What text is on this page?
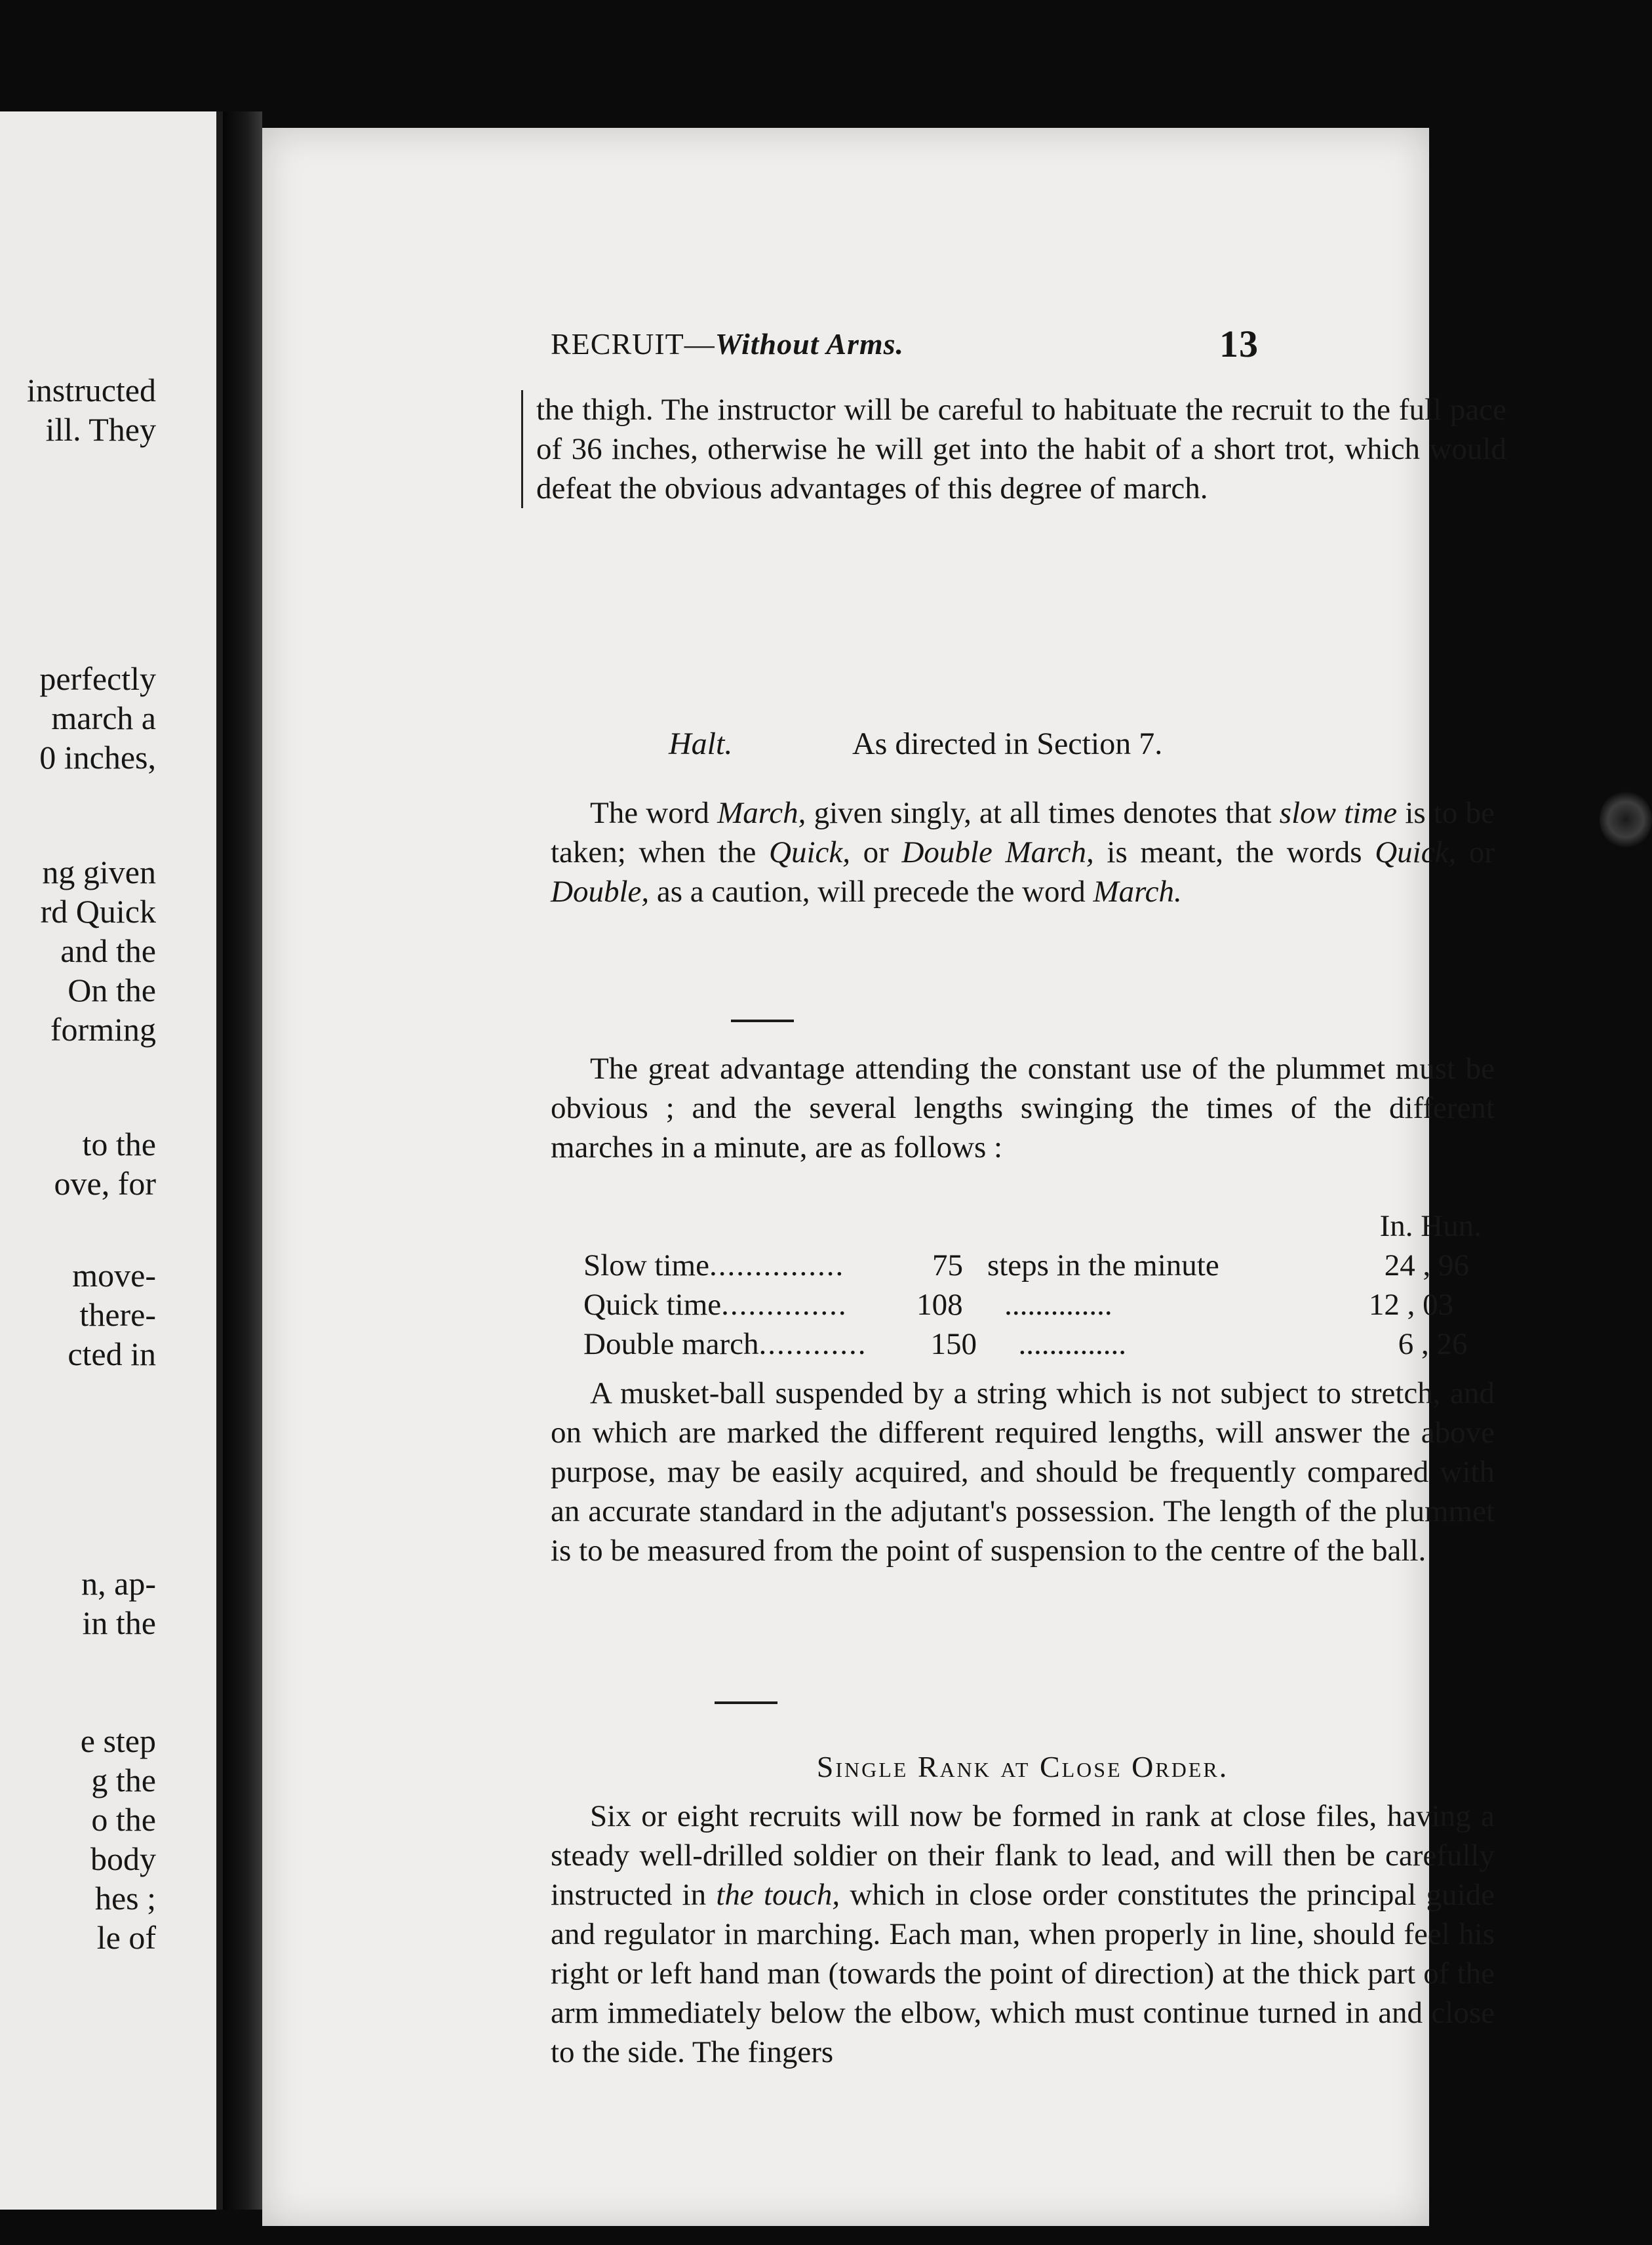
instructed
ill. They
perfectly
march a
0 inches,
ng given
rd Quick
and the
On the
forming
to the
ove, for
move-
there-
cted in
n, ap-
in the
e step
g the
o the
body
hes ;
le of
RECRUIT—Without Arms.	13

the thigh. The instructor will be careful to habituate the recruit to the full pace of 36 inches, otherwise he will get into the habit of a short trot, which would defeat the obvious advantages of this degree of march.

Halt.	As directed in Section 7.

The word March, given singly, at all times denotes that slow time is to be taken; when the Quick, or Double March, is meant, the words Quick, or Double, as a caution, will precede the word March.

The great advantage attending the constant use of the plummet must be obvious ; and the several lengths swinging the times of the different marches in a minute, are as follows :

In. Hun.
Slow time ...............	75 steps in the minute	24 , 96
Quick time ..............	108	..............	12 , 03
Double march ............	150	..............	6 , 26

A musket-ball suspended by a string which is not subject to stretch, and on which are marked the different required lengths, will answer the above purpose, may be easily acquired, and should be frequently compared with an accurate standard in the adjutant's possession. The length of the plummet is to be measured from the point of suspension to the centre of the ball.

Single Rank at Close Order.

Six or eight recruits will now be formed in rank at close files, having a steady well-drilled soldier on their flank to lead, and will then be carefully instructed in the touch, which in close order constitutes the principal guide and regulator in marching. Each man, when properly in line, should feel his right or left hand man (towards the point of direction) at the thick part of the arm immediately below the elbow, which must continue turned in and close to the side. The fingers
